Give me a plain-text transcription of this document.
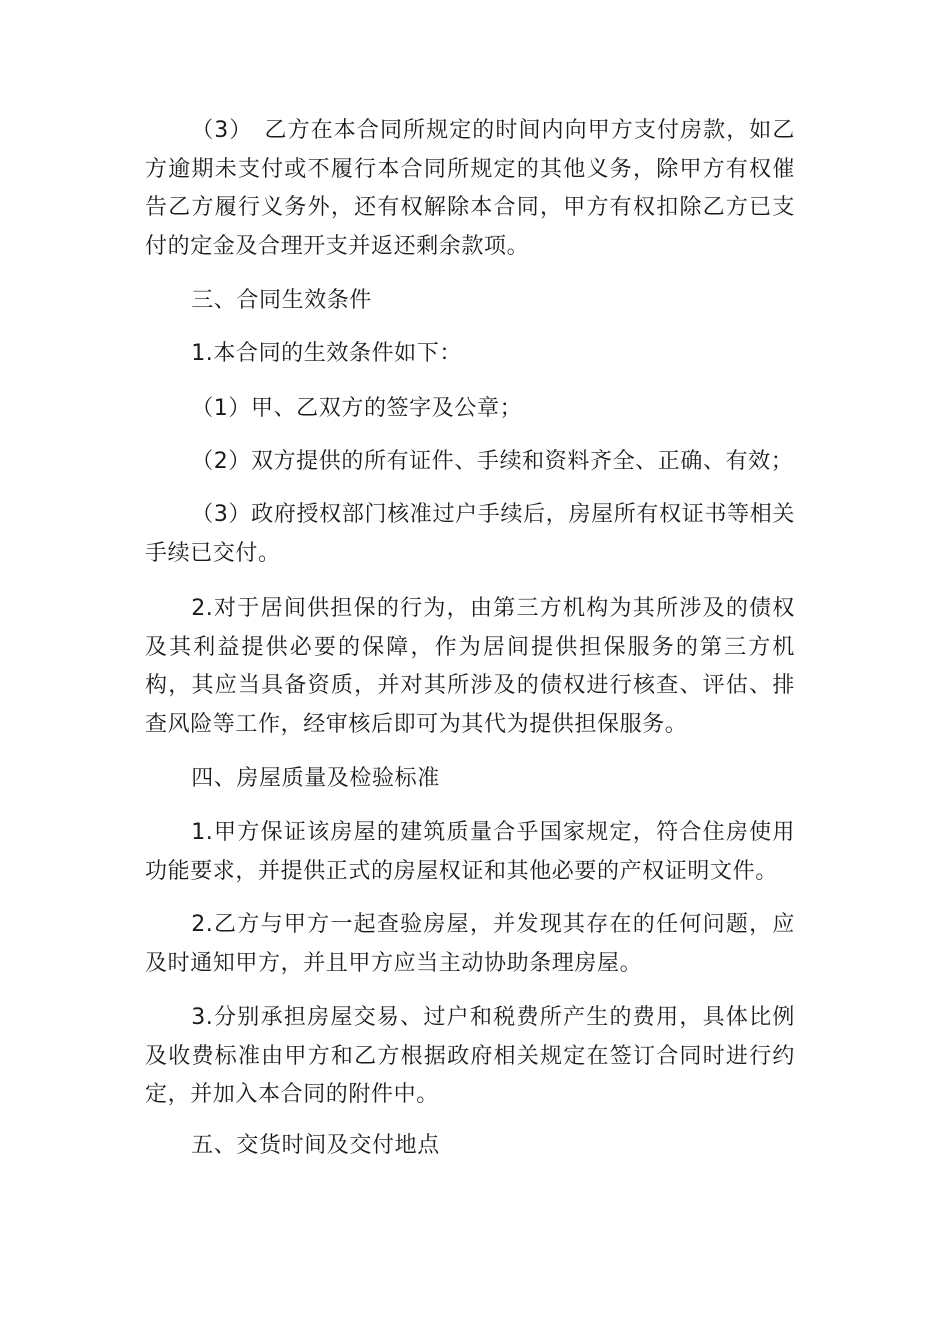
（3）　乙方在本合同所规定的时间内向甲方支付房款，如乙方逾期未支付或不履行本合同所规定的其他义务，除甲方有权催告乙方履行义务外，还有权解除本合同，甲方有权扣除乙方已支付的定金及合理开支并返还剩余款项。

三、合同生效条件

1.本合同的生效条件如下：

（1）甲、乙双方的签字及公章；

（2）双方提供的所有证件、手续和资料齐全、正确、有效；

（3）政府授权部门核准过户手续后，房屋所有权证书等相关手续已交付。

2.对于居间供担保的行为，由第三方机构为其所涉及的债权及其利益提供必要的保障，作为居间提供担保服务的第三方机构，其应当具备资质，并对其所涉及的债权进行核查、评估、排查风险等工作，经审核后即可为其代为提供担保服务。

四、房屋质量及检验标准

1.甲方保证该房屋的建筑质量合乎国家规定，符合住房使用功能要求，并提供正式的房屋权证和其他必要的产权证明文件。

2.乙方与甲方一起查验房屋，并发现其存在的任何问题，应及时通知甲方，并且甲方应当主动协助条理房屋。

3.分别承担房屋交易、过户和税费所产生的费用，具体比例及收费标准由甲方和乙方根据政府相关规定在签订合同时进行约定，并加入本合同的附件中。

五、交货时间及交付地点
